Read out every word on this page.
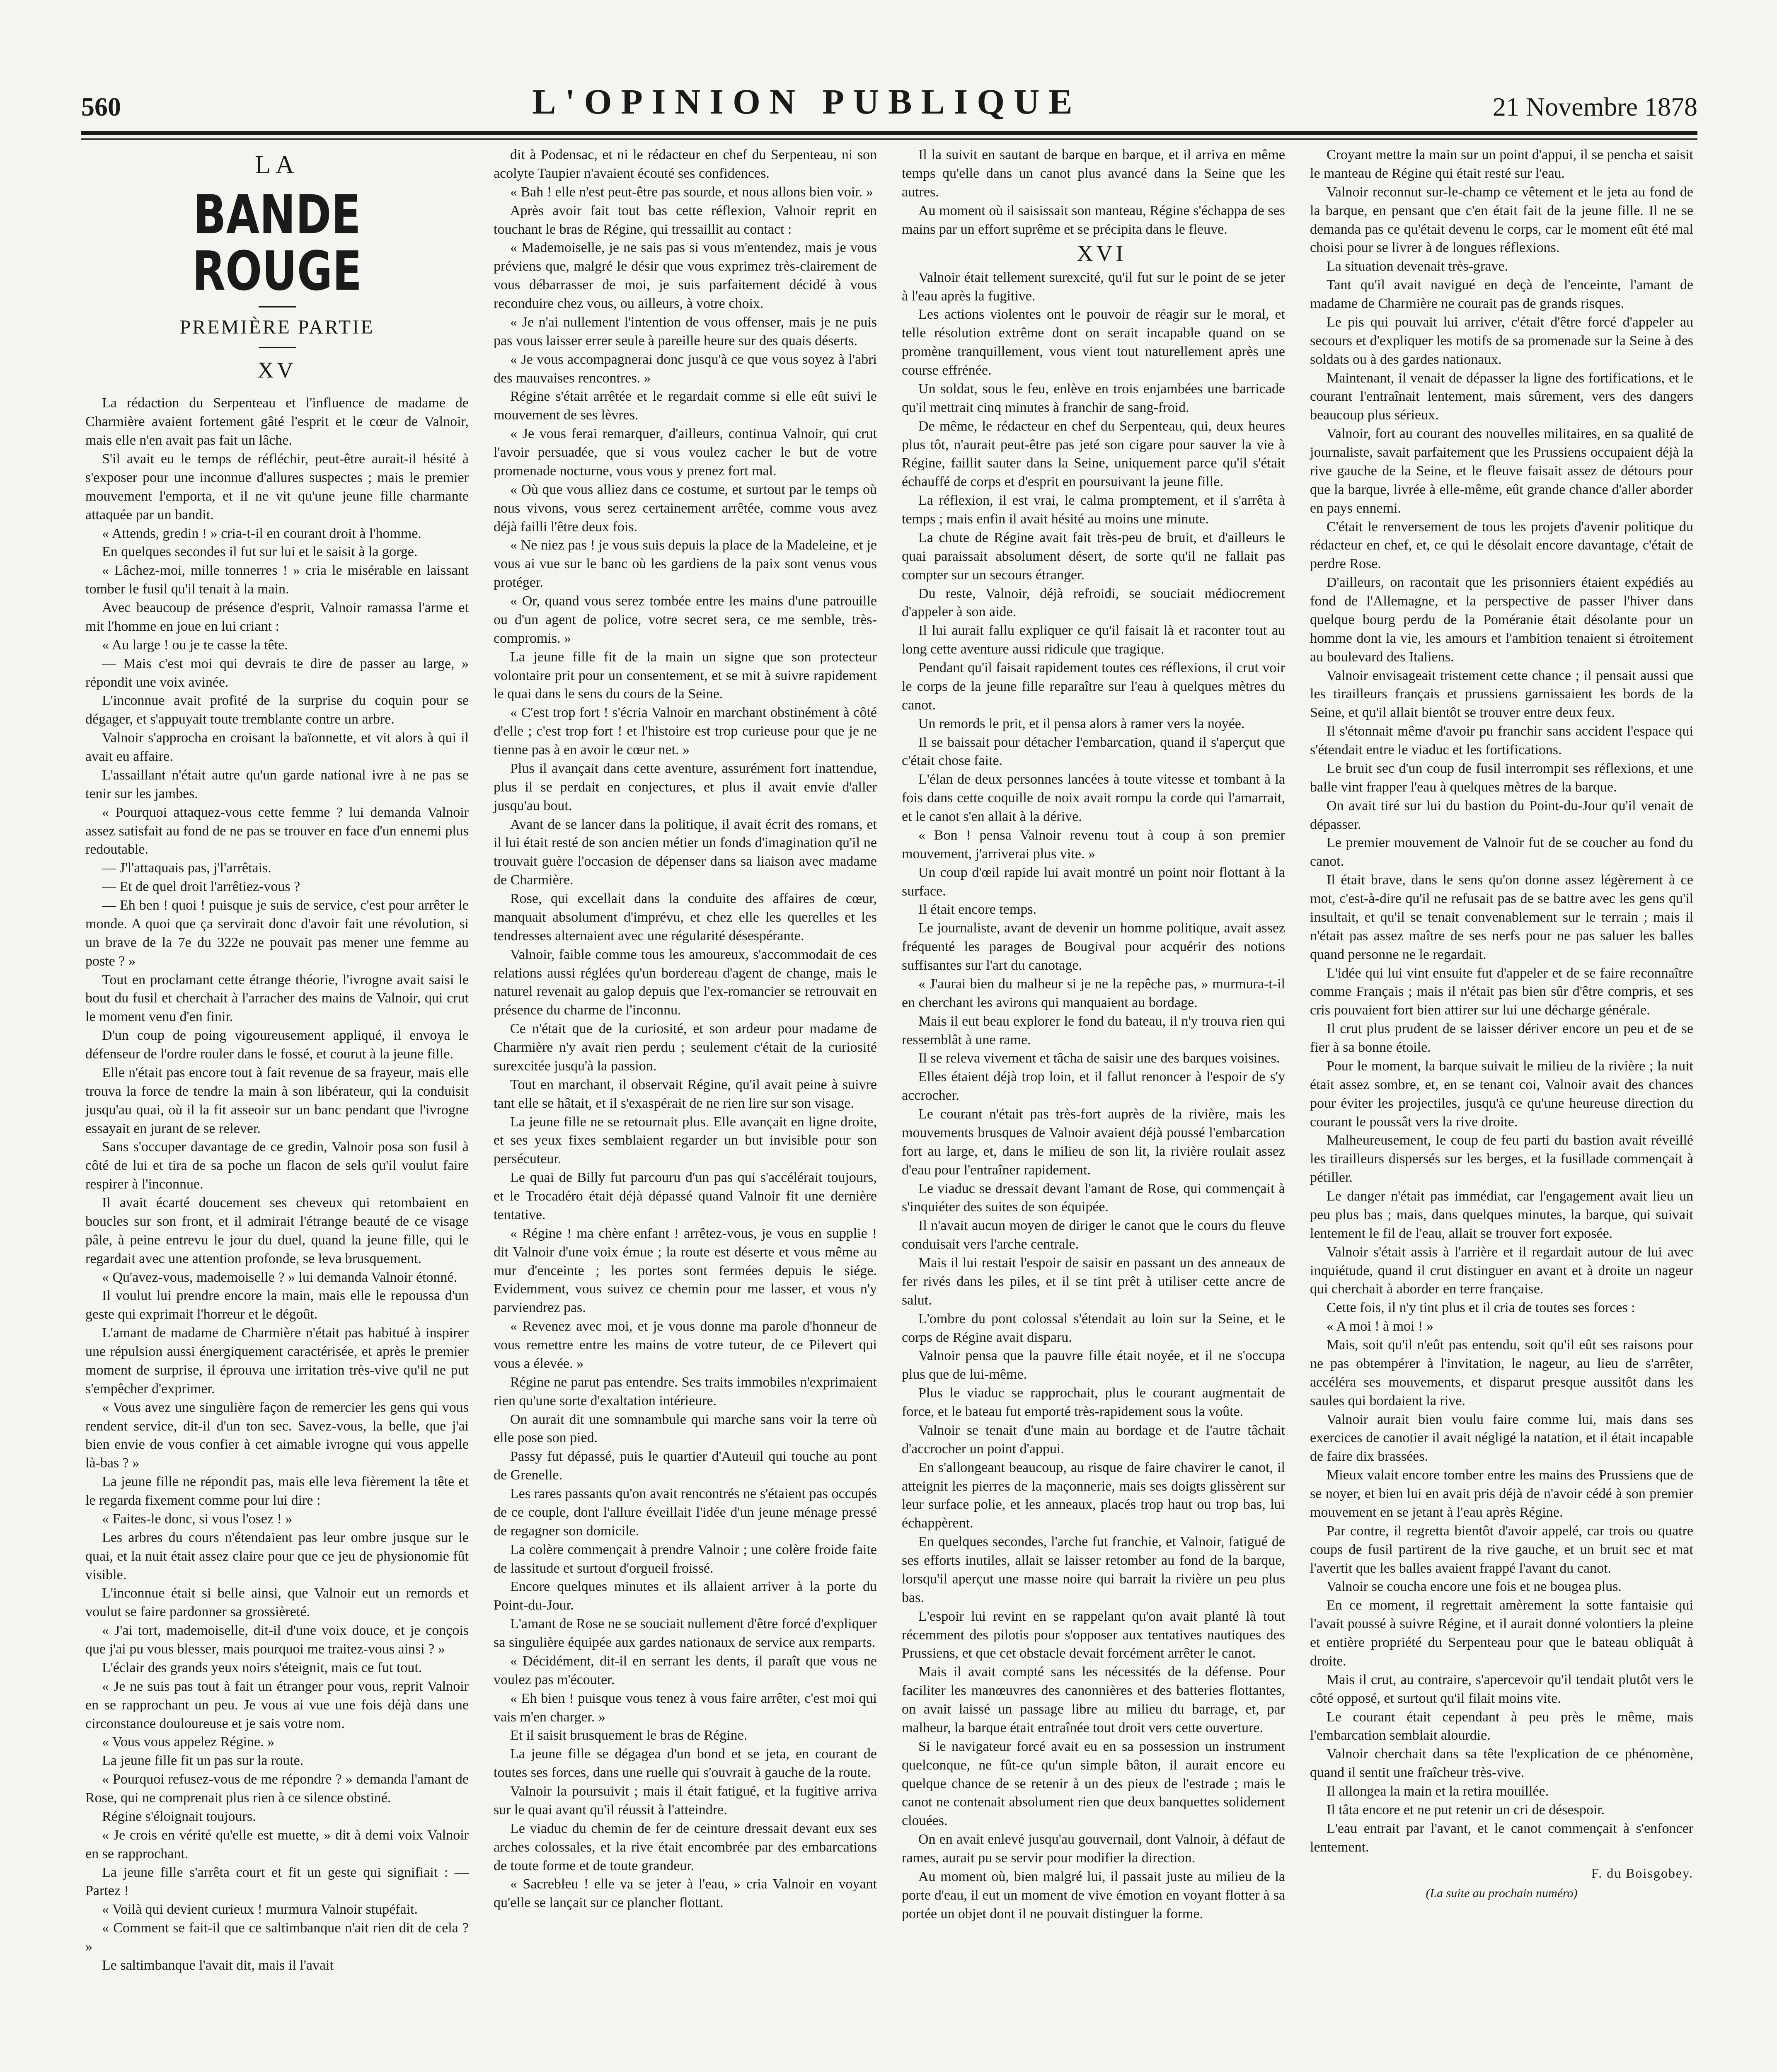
560	L'OPINION PUBLIQUE	21 Novembre 1878
LA
BANDE ROUGE
PREMIÈRE PARTIE
XV

La rédaction du Serpenteau et l'influence de madame de Charmière avaient fortement gâté l'esprit et le cœur de Valnoir, mais elle n'en avait pas fait un lâche.

S'il avait eu le temps de réfléchir, peut-être aurait-il hésité à s'exposer pour une inconnue d'allures suspectes ; mais le premier mouvement l'emporta, et il ne vit qu'une jeune fille charmante attaquée par un bandit.

« Attends, gredin ! » cria-t-il en courant droit à l'homme.

En quelques secondes il fut sur lui et le saisit à la gorge.

« Lâchez-moi, mille tonnerres ! » cria le misérable en laissant tomber le fusil qu'il tenait à la main.

Avec beaucoup de présence d'esprit, Valnoir ramassa l'arme et mit l'homme en joue en lui criant :

« Au large ! ou je te casse la tête.

— Mais c'est moi qui devrais te dire de passer au large, » répondit une voix avinée.

L'inconnue avait profité de la surprise du coquin pour se dégager, et s'appuyait toute tremblante contre un arbre.

Valnoir s'approcha en croisant la baïonnette, et vit alors à qui il avait eu affaire.

L'assaillant n'était autre qu'un garde national ivre à ne pas se tenir sur les jambes.

« Pourquoi attaquez-vous cette femme ? lui demanda Valnoir assez satisfait au fond de ne pas se trouver en face d'un ennemi plus redoutable.

— J'l'attaquais pas, j'l'arrêtais.

— Et de quel droit l'arrêtiez-vous ?

— Eh ben ! quoi ! puisque je suis de service, c'est pour arrêter le monde. A quoi que ça servirait donc d'avoir fait une révolution, si un brave de la 7e du 322e ne pouvait pas mener une femme au poste ? »

Tout en proclamant cette étrange théorie, l'ivrogne avait saisi le bout du fusil et cherchait à l'arracher des mains de Valnoir, qui crut le moment venu d'en finir.

D'un coup de poing vigoureusement appliqué, il envoya le défenseur de l'ordre rouler dans le fossé, et courut à la jeune fille.

Elle n'était pas encore tout à fait revenue de sa frayeur, mais elle trouva la force de tendre la main à son libérateur, qui la conduisit jusqu'au quai, où il la fit asseoir sur un banc pendant que l'ivrogne essayait en jurant de se relever.

Sans s'occuper davantage de ce gredin, Valnoir posa son fusil à côté de lui et tira de sa poche un flacon de sels qu'il voulut faire respirer à l'inconnue.

Il avait écarté doucement ses cheveux qui retombaient en boucles sur son front, et il admirait l'étrange beauté de ce visage pâle, à peine entrevu le jour du duel, quand la jeune fille, qui le regardait avec une attention profonde, se leva brusquement.

« Qu'avez-vous, mademoiselle ? » lui demanda Valnoir étonné.

Il voulut lui prendre encore la main, mais elle le repoussa d'un geste qui exprimait l'horreur et le dégoût.

L'amant de madame de Charmière n'était pas habitué à inspirer une répulsion aussi énergiquement caractérisée, et après le premier moment de surprise, il éprouva une irritation très-vive qu'il ne put s'empêcher d'exprimer.

« Vous avez une singulière façon de remercier les gens qui vous rendent service, dit-il d'un ton sec. Savez-vous, la belle, que j'ai bien envie de vous confier à cet aimable ivrogne qui vous appelle là-bas ? »

La jeune fille ne répondit pas, mais elle leva fièrement la tête et le regarda fixement comme pour lui dire :

« Faites-le donc, si vous l'osez ! »

Les arbres du cours n'étendaient pas leur ombre jusque sur le quai, et la nuit était assez claire pour que ce jeu de physionomie fût visible.

L'inconnue était si belle ainsi, que Valnoir eut un remords et voulut se faire pardonner sa grossièreté.

« J'ai tort, mademoiselle, dit-il d'une voix douce, et je conçois que j'ai pu vous blesser, mais pourquoi me traitez-vous ainsi ? »

L'éclair des grands yeux noirs s'éteignit, mais ce fut tout.

« Je ne suis pas tout à fait un étranger pour vous, reprit Valnoir en se rapprochant un peu. Je vous ai vue une fois déjà dans une circonstance douloureuse et je sais votre nom.

« Vous vous appelez Régine. »

La jeune fille fit un pas sur la route.

« Pourquoi refusez-vous de me répondre ? » demanda l'amant de Rose, qui ne comprenait plus rien à ce silence obstiné.

Régine s'éloignait toujours.

« Je crois en vérité qu'elle est muette, » dit à demi voix Valnoir en se rapprochant.

La jeune fille s'arrêta court et fit un geste qui signifiait : — Partez !

« Voilà qui devient curieux ! murmura Valnoir stupéfait.

« Comment se fait-il que ce saltimbanque n'ait rien dit de cela ? »

Le saltimbanque l'avait dit, mais il l'avait

dit à Podensac, et ni le rédacteur en chef du Serpenteau, ni son acolyte Taupier n'avaient écouté ses confidences.

« Bah ! elle n'est peut-être pas sourde, et nous allons bien voir. »

Après avoir fait tout bas cette réflexion, Valnoir reprit en touchant le bras de Régine, qui tressaillit au contact :

« Mademoiselle, je ne sais pas si vous m'entendez, mais je vous préviens que, malgré le désir que vous exprimez très-clairement de vous débarrasser de moi, je suis parfaitement décidé à vous reconduire chez vous, ou ailleurs, à votre choix.

« Je n'ai nullement l'intention de vous offenser, mais je ne puis pas vous laisser errer seule à pareille heure sur des quais déserts.

« Je vous accompagnerai donc jusqu'à ce que vous soyez à l'abri des mauvaises rencontres. »

Régine s'était arrêtée et le regardait comme si elle eût suivi le mouvement de ses lèvres.

« Je vous ferai remarquer, d'ailleurs, continua Valnoir, qui crut l'avoir persuadée, que si vous voulez cacher le but de votre promenade nocturne, vous vous y prenez fort mal.

« Où que vous alliez dans ce costume, et surtout par le temps où nous vivons, vous serez certainement arrêtée, comme vous avez déjà failli l'être deux fois.

« Ne niez pas ! je vous suis depuis la place de la Madeleine, et je vous ai vue sur le banc où les gardiens de la paix sont venus vous protéger.

« Or, quand vous serez tombée entre les mains d'une patrouille ou d'un agent de police, votre secret sera, ce me semble, très-compromis. »

La jeune fille fit de la main un signe que son protecteur volontaire prit pour un consentement, et se mit à suivre rapidement le quai dans le sens du cours de la Seine.

« C'est trop fort ! s'écria Valnoir en marchant obstinément à côté d'elle ; c'est trop fort ! et l'histoire est trop curieuse pour que je ne tienne pas à en avoir le cœur net. »

Plus il avançait dans cette aventure, assurément fort inattendue, plus il se perdait en conjectures, et plus il avait envie d'aller jusqu'au bout.

Avant de se lancer dans la politique, il avait écrit des romans, et il lui était resté de son ancien métier un fonds d'imagination qu'il ne trouvait guère l'occasion de dépenser dans sa liaison avec madame de Charmière.

Rose, qui excellait dans la conduite des affaires de cœur, manquait absolument d'imprévu, et chez elle les querelles et les tendresses alternaient avec une régularité désespérante.

Valnoir, faible comme tous les amoureux, s'accommodait de ces relations aussi réglées qu'un bordereau d'agent de change, mais le naturel revenait au galop depuis que l'ex-romancier se retrouvait en présence du charme de l'inconnu.

Ce n'était que de la curiosité, et son ardeur pour madame de Charmière n'y avait rien perdu ; seulement c'était de la curiosité surexcitée jusqu'à la passion.

Tout en marchant, il observait Régine, qu'il avait peine à suivre tant elle se hâtait, et il s'exaspérait de ne rien lire sur son visage.

La jeune fille ne se retournait plus. Elle avançait en ligne droite, et ses yeux fixes semblaient regarder un but invisible pour son persécuteur.

Le quai de Billy fut parcouru d'un pas qui s'accélérait toujours, et le Trocadéro était déjà dépassé quand Valnoir fit une dernière tentative.

« Régine ! ma chère enfant ! arrêtez-vous, je vous en supplie ! dit Valnoir d'une voix émue ; la route est déserte et vous même au mur d'enceinte ; les portes sont fermées depuis le siége. Evidemment, vous suivez ce chemin pour me lasser, et vous n'y parviendrez pas.

« Revenez avec moi, et je vous donne ma parole d'honneur de vous remettre entre les mains de votre tuteur, de ce Pilevert qui vous a élevée. »

Régine ne parut pas entendre. Ses traits immobiles n'exprimaient rien qu'une sorte d'exaltation intérieure.

On aurait dit une somnambule qui marche sans voir la terre où elle pose son pied.

Passy fut dépassé, puis le quartier d'Auteuil qui touche au pont de Grenelle.

Les rares passants qu'on avait rencontrés ne s'étaient pas occupés de ce couple, dont l'allure éveillait l'idée d'un jeune ménage pressé de regagner son domicile.

La colère commençait à prendre Valnoir ; une colère froide faite de lassitude et surtout d'orgueil froissé.

Encore quelques minutes et ils allaient arriver à la porte du Point-du-Jour.

L'amant de Rose ne se souciait nullement d'être forcé d'expliquer sa singulière équipée aux gardes nationaux de service aux remparts.

« Décidément, dit-il en serrant les dents, il paraît que vous ne voulez pas m'écouter.

« Eh bien ! puisque vous tenez à vous faire arrêter, c'est moi qui vais m'en charger. »

Et il saisit brusquement le bras de Régine.

La jeune fille se dégagea d'un bond et se jeta, en courant de toutes ses forces, dans une ruelle qui s'ouvrait à gauche de la route.

Valnoir la poursuivit ; mais il était fatigué, et la fugitive arriva sur le quai avant qu'il réussit à l'atteindre.

Le viaduc du chemin de fer de ceinture dressait devant eux ses arches colossales, et la rive était encombrée par des embarcations de toute forme et de toute grandeur.

« Sacrebleu ! elle va se jeter à l'eau, » cria Valnoir en voyant qu'elle se lançait sur ce plancher flottant.

Il la suivit en sautant de barque en barque, et il arriva en même temps qu'elle dans un canot plus avancé dans la Seine que les autres.

Au moment où il saisissait son manteau, Régine s'échappa de ses mains par un effort suprême et se précipita dans le fleuve.

XVI

Valnoir était tellement surexcité, qu'il fut sur le point de se jeter à l'eau après la fugitive.

Les actions violentes ont le pouvoir de réagir sur le moral, et telle résolution extrême dont on serait incapable quand on se promène tranquillement, vous vient tout naturellement après une course effrénée.

Un soldat, sous le feu, enlève en trois enjambées une barricade qu'il mettrait cinq minutes à franchir de sang-froid.

De même, le rédacteur en chef du Serpenteau, qui, deux heures plus tôt, n'aurait peut-être pas jeté son cigare pour sauver la vie à Régine, faillit sauter dans la Seine, uniquement parce qu'il s'était échauffé de corps et d'esprit en poursuivant la jeune fille.

La réflexion, il est vrai, le calma promptement, et il s'arrêta à temps ; mais enfin il avait hésité au moins une minute.

La chute de Régine avait fait très-peu de bruit, et d'ailleurs le quai paraissait absolument désert, de sorte qu'il ne fallait pas compter sur un secours étranger.

Du reste, Valnoir, déjà refroidi, se souciait médiocrement d'appeler à son aide.

Il lui aurait fallu expliquer ce qu'il faisait là et raconter tout au long cette aventure aussi ridicule que tragique.

Pendant qu'il faisait rapidement toutes ces réflexions, il crut voir le corps de la jeune fille reparaître sur l'eau à quelques mètres du canot.

Un remords le prit, et il pensa alors à ramer vers la noyée.

Il se baissait pour détacher l'embarcation, quand il s'aperçut que c'était chose faite.

L'élan de deux personnes lancées à toute vitesse et tombant à la fois dans cette coquille de noix avait rompu la corde qui l'amarrait, et le canot s'en allait à la dérive.

« Bon ! pensa Valnoir revenu tout à coup à son premier mouvement, j'arriverai plus vite. »

Un coup d'œil rapide lui avait montré un point noir flottant à la surface.

Il était encore temps.

Le journaliste, avant de devenir un homme politique, avait assez fréquenté les parages de Bougival pour acquérir des notions suffisantes sur l'art du canotage.

« J'aurai bien du malheur si je ne la repêche pas, » murmura-t-il en cherchant les avirons qui manquaient au bordage.

Mais il eut beau explorer le fond du bateau, il n'y trouva rien qui ressemblât à une rame.

Il se releva vivement et tâcha de saisir une des barques voisines.

Elles étaient déjà trop loin, et il fallut renoncer à l'espoir de s'y accrocher.

Le courant n'était pas très-fort auprès de la rivière, mais les mouvements brusques de Valnoir avaient déjà poussé l'embarcation fort au large, et, dans le milieu de son lit, la rivière roulait assez d'eau pour l'entraîner rapidement.

Le viaduc se dressait devant l'amant de Rose, qui commençait à s'inquiéter des suites de son équipée.

Il n'avait aucun moyen de diriger le canot que le cours du fleuve conduisait vers l'arche centrale.

Mais il lui restait l'espoir de saisir en passant un des anneaux de fer rivés dans les piles, et il se tint prêt à utiliser cette ancre de salut.

L'ombre du pont colossal s'étendait au loin sur la Seine, et le corps de Régine avait disparu.

Valnoir pensa que la pauvre fille était noyée, et il ne s'occupa plus que de lui-même.

Plus le viaduc se rapprochait, plus le courant augmentait de force, et le bateau fut emporté très-rapidement sous la voûte.

Valnoir se tenait d'une main au bordage et de l'autre tâchait d'accrocher un point d'appui.

En s'allongeant beaucoup, au risque de faire chavirer le canot, il atteignit les pierres de la maçonnerie, mais ses doigts glissèrent sur leur surface polie, et les anneaux, placés trop haut ou trop bas, lui échappèrent.

En quelques secondes, l'arche fut franchie, et Valnoir, fatigué de ses efforts inutiles, allait se laisser retomber au fond de la barque, lorsqu'il aperçut une masse noire qui barrait la rivière un peu plus bas.

L'espoir lui revint en se rappelant qu'on avait planté là tout récemment des pilotis pour s'opposer aux tentatives nautiques des Prussiens, et que cet obstacle devait forcément arrêter le canot.

Mais il avait compté sans les nécessités de la défense. Pour faciliter les manœuvres des canonnières et des batteries flottantes, on avait laissé un passage libre au milieu du barrage, et, par malheur, la barque était entraînée tout droit vers cette ouverture.

Si le navigateur forcé avait eu en sa possession un instrument quelconque, ne fût-ce qu'un simple bâton, il aurait encore eu quelque chance de se retenir à un des pieux de l'estrade ; mais le canot ne contenait absolument rien que deux banquettes solidement clouées.

On en avait enlevé jusqu'au gouvernail, dont Valnoir, à défaut de rames, aurait pu se servir pour modifier la direction.

Au moment où, bien malgré lui, il passait juste au milieu de la porte d'eau, il eut un moment de vive émotion en voyant flotter à sa portée un objet dont il ne pouvait distinguer la forme.

Croyant mettre la main sur un point d'appui, il se pencha et saisit le manteau de Régine qui était resté sur l'eau.

Valnoir reconnut sur-le-champ ce vêtement et le jeta au fond de la barque, en pensant que c'en était fait de la jeune fille. Il ne se demanda pas ce qu'était devenu le corps, car le moment eût été mal choisi pour se livrer à de longues réflexions.

La situation devenait très-grave.

Tant qu'il avait navigué en deçà de l'enceinte, l'amant de madame de Charmière ne courait pas de grands risques.

Le pis qui pouvait lui arriver, c'était d'être forcé d'appeler au secours et d'expliquer les motifs de sa promenade sur la Seine à des soldats ou à des gardes nationaux.

Maintenant, il venait de dépasser la ligne des fortifications, et le courant l'entraînait lentement, mais sûrement, vers des dangers beaucoup plus sérieux.

Valnoir, fort au courant des nouvelles militaires, en sa qualité de journaliste, savait parfaitement que les Prussiens occupaient déjà la rive gauche de la Seine, et le fleuve faisait assez de détours pour que la barque, livrée à elle-même, eût grande chance d'aller aborder en pays ennemi.

C'était le renversement de tous les projets d'avenir politique du rédacteur en chef, et, ce qui le désolait encore davantage, c'était de perdre Rose.

D'ailleurs, on racontait que les prisonniers étaient expédiés au fond de l'Allemagne, et la perspective de passer l'hiver dans quelque bourg perdu de la Poméranie était désolante pour un homme dont la vie, les amours et l'ambition tenaient si étroitement au boulevard des Italiens.

Valnoir envisageait tristement cette chance ; il pensait aussi que les tirailleurs français et prussiens garnissaient les bords de la Seine, et qu'il allait bientôt se trouver entre deux feux.

Il s'étonnait même d'avoir pu franchir sans accident l'espace qui s'étendait entre le viaduc et les fortifications.

Le bruit sec d'un coup de fusil interrompit ses réflexions, et une balle vint frapper l'eau à quelques mètres de la barque.

On avait tiré sur lui du bastion du Point-du-Jour qu'il venait de dépasser.

Le premier mouvement de Valnoir fut de se coucher au fond du canot.

Il était brave, dans le sens qu'on donne assez légèrement à ce mot, c'est-à-dire qu'il ne refusait pas de se battre avec les gens qu'il insultait, et qu'il se tenait convenablement sur le terrain ; mais il n'était pas assez maître de ses nerfs pour ne pas saluer les balles quand personne ne le regardait.

L'idée qui lui vint ensuite fut d'appeler et de se faire reconnaître comme Français ; mais il n'était pas bien sûr d'être compris, et ses cris pouvaient fort bien attirer sur lui une décharge générale.

Il crut plus prudent de se laisser dériver encore un peu et de se fier à sa bonne étoile.

Pour le moment, la barque suivait le milieu de la rivière ; la nuit était assez sombre, et, en se tenant coi, Valnoir avait des chances pour éviter les projectiles, jusqu'à ce qu'une heureuse direction du courant le poussât vers la rive droite.

Malheureusement, le coup de feu parti du bastion avait réveillé les tirailleurs dispersés sur les berges, et la fusillade commençait à pétiller.

Le danger n'était pas immédiat, car l'engagement avait lieu un peu plus bas ; mais, dans quelques minutes, la barque, qui suivait lentement le fil de l'eau, allait se trouver fort exposée.

Valnoir s'était assis à l'arrière et il regardait autour de lui avec inquiétude, quand il crut distinguer en avant et à droite un nageur qui cherchait à aborder en terre française.

Cette fois, il n'y tint plus et il cria de toutes ses forces :

« A moi ! à moi ! »

Mais, soit qu'il n'eût pas entendu, soit qu'il eût ses raisons pour ne pas obtempérer à l'invitation, le nageur, au lieu de s'arrêter, accéléra ses mouvements, et disparut presque aussitôt dans les saules qui bordaient la rive.

Valnoir aurait bien voulu faire comme lui, mais dans ses exercices de canotier il avait négligé la natation, et il était incapable de faire dix brassées.

Mieux valait encore tomber entre les mains des Prussiens que de se noyer, et bien lui en avait pris déjà de n'avoir cédé à son premier mouvement en se jetant à l'eau après Régine.

Par contre, il regretta bientôt d'avoir appelé, car trois ou quatre coups de fusil partirent de la rive gauche, et un bruit sec et mat l'avertit que les balles avaient frappé l'avant du canot.

Valnoir se coucha encore une fois et ne bougea plus.

En ce moment, il regrettait amèrement la sotte fantaisie qui l'avait poussé à suivre Régine, et il aurait donné volontiers la pleine et entière propriété du Serpenteau pour que le bateau obliquât à droite.

Mais il crut, au contraire, s'apercevoir qu'il tendait plutôt vers le côté opposé, et surtout qu'il filait moins vite.

Le courant était cependant à peu près le même, mais l'embarcation semblait alourdie.

Valnoir cherchait dans sa tête l'explication de ce phénomène, quand il sentit une fraîcheur très-vive.

Il allongea la main et la retira mouillée.

Il tâta encore et ne put retenir un cri de désespoir.

L'eau entrait par l'avant, et le canot commençait à s'enfoncer lentement.

F. du Boisgobey.
(La suite au prochain numéro)
